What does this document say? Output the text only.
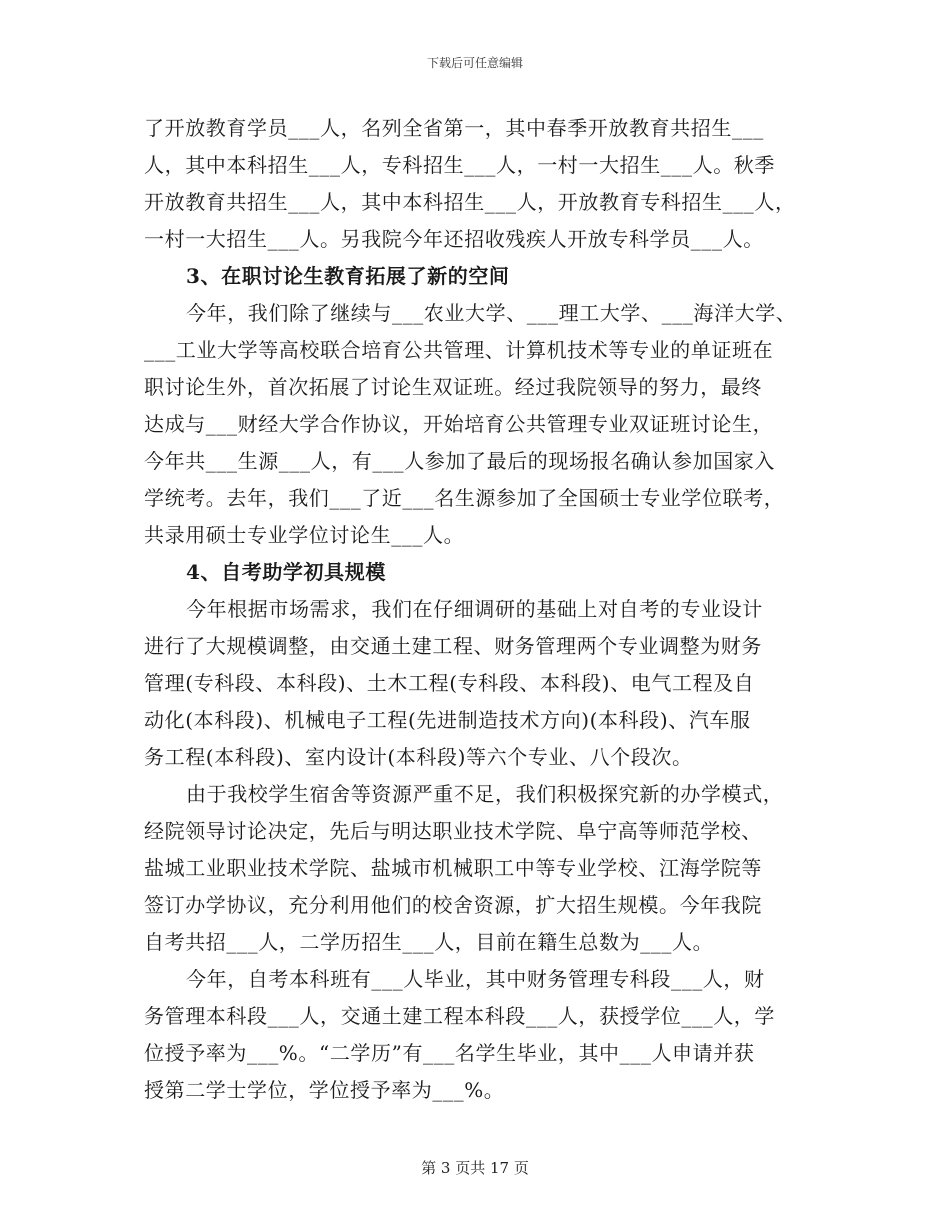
下载后可任意编辑
了开放教育学员___人，名列全省第一，其中春季开放教育共招生___
人，其中本科招生___人，专科招生___人，一村一大招生___人。秋季
开放教育共招生___人，其中本科招生___人，开放教育专科招生___人，
一村一大招生___人。另我院今年还招收残疾人开放专科学员___人。
3、在职讨论生教育拓展了新的空间
今年，我们除了继续与___农业大学、___理工大学、___海洋大学、
___工业大学等高校联合培育公共管理、计算机技术等专业的单证班在
职讨论生外，首次拓展了讨论生双证班。经过我院领导的努力，最终
达成与___财经大学合作协议，开始培育公共管理专业双证班讨论生，
今年共___生源___人，有___人参加了最后的现场报名确认参加国家入
学统考。去年，我们___了近___名生源参加了全国硕士专业学位联考，
共录用硕士专业学位讨论生___人。
4、自考助学初具规模
今年根据市场需求，我们在仔细调研的基础上对自考的专业设计
进行了大规模调整，由交通土建工程、财务管理两个专业调整为财务
管理(专科段、本科段)、土木工程(专科段、本科段)、电气工程及自
动化(本科段)、机械电子工程(先进制造技术方向)(本科段)、汽车服
务工程(本科段)、室内设计(本科段)等六个专业、八个段次。
由于我校学生宿舍等资源严重不足，我们积极探究新的办学模式，
经院领导讨论决定，先后与明达职业技术学院、阜宁高等师范学校、
盐城工业职业技术学院、盐城市机械职工中等专业学校、江海学院等
签订办学协议，充分利用他们的校舍资源，扩大招生规模。今年我院
自考共招___人，二学历招生___人，目前在籍生总数为___人。
今年，自考本科班有___人毕业，其中财务管理专科段___人，财
务管理本科段___人，交通土建工程本科段___人，获授学位___人，学
位授予率为___%。“二学历”有___名学生毕业，其中___人申请并获
授第二学士学位，学位授予率为___%。
第 3 页共 17 页
